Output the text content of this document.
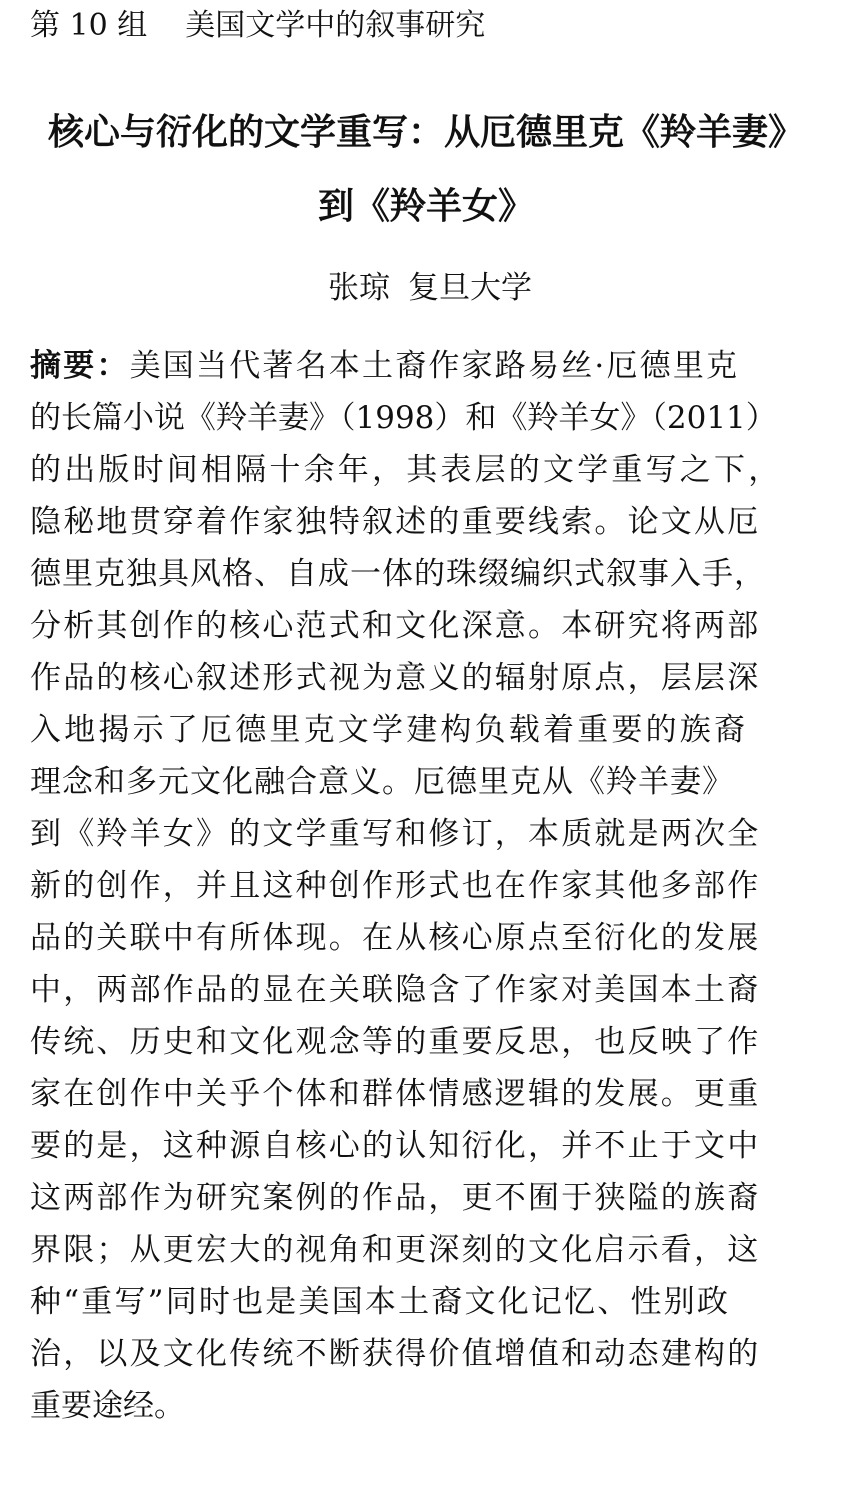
第 10 组 美国文学中的叙事研究
核心与衍化的文学重写：从厄德里克《羚羊妻》
到《羚羊女》
张琼 复旦大学
摘要：美国当代著名本土裔作家路易丝·厄德里克
的长篇小说《羚羊妻》（1998）和《羚羊女》（2011）
的出版时间相隔十余年，其表层的文学重写之下，
隐秘地贯穿着作家独特叙述的重要线索。论文从厄
德里克独具风格、自成一体的珠缀编织式叙事入手，
分析其创作的核心范式和文化深意。本研究将两部
作品的核心叙述形式视为意义的辐射原点，层层深
入地揭示了厄德里克文学建构负载着重要的族裔
理念和多元文化融合意义。厄德里克从《羚羊妻》
到《羚羊女》的文学重写和修订，本质就是两次全
新的创作，并且这种创作形式也在作家其他多部作
品的关联中有所体现。在从核心原点至衍化的发展
中，两部作品的显在关联隐含了作家对美国本土裔
传统、历史和文化观念等的重要反思，也反映了作
家在创作中关乎个体和群体情感逻辑的发展。更重
要的是，这种源自核心的认知衍化，并不止于文中
这两部作为研究案例的作品，更不囿于狭隘的族裔
界限；从更宏大的视角和更深刻的文化启示看，这
种“重写”同时也是美国本土裔文化记忆、性别政
治，以及文化传统不断获得价值增值和动态建构的
重要途经。
